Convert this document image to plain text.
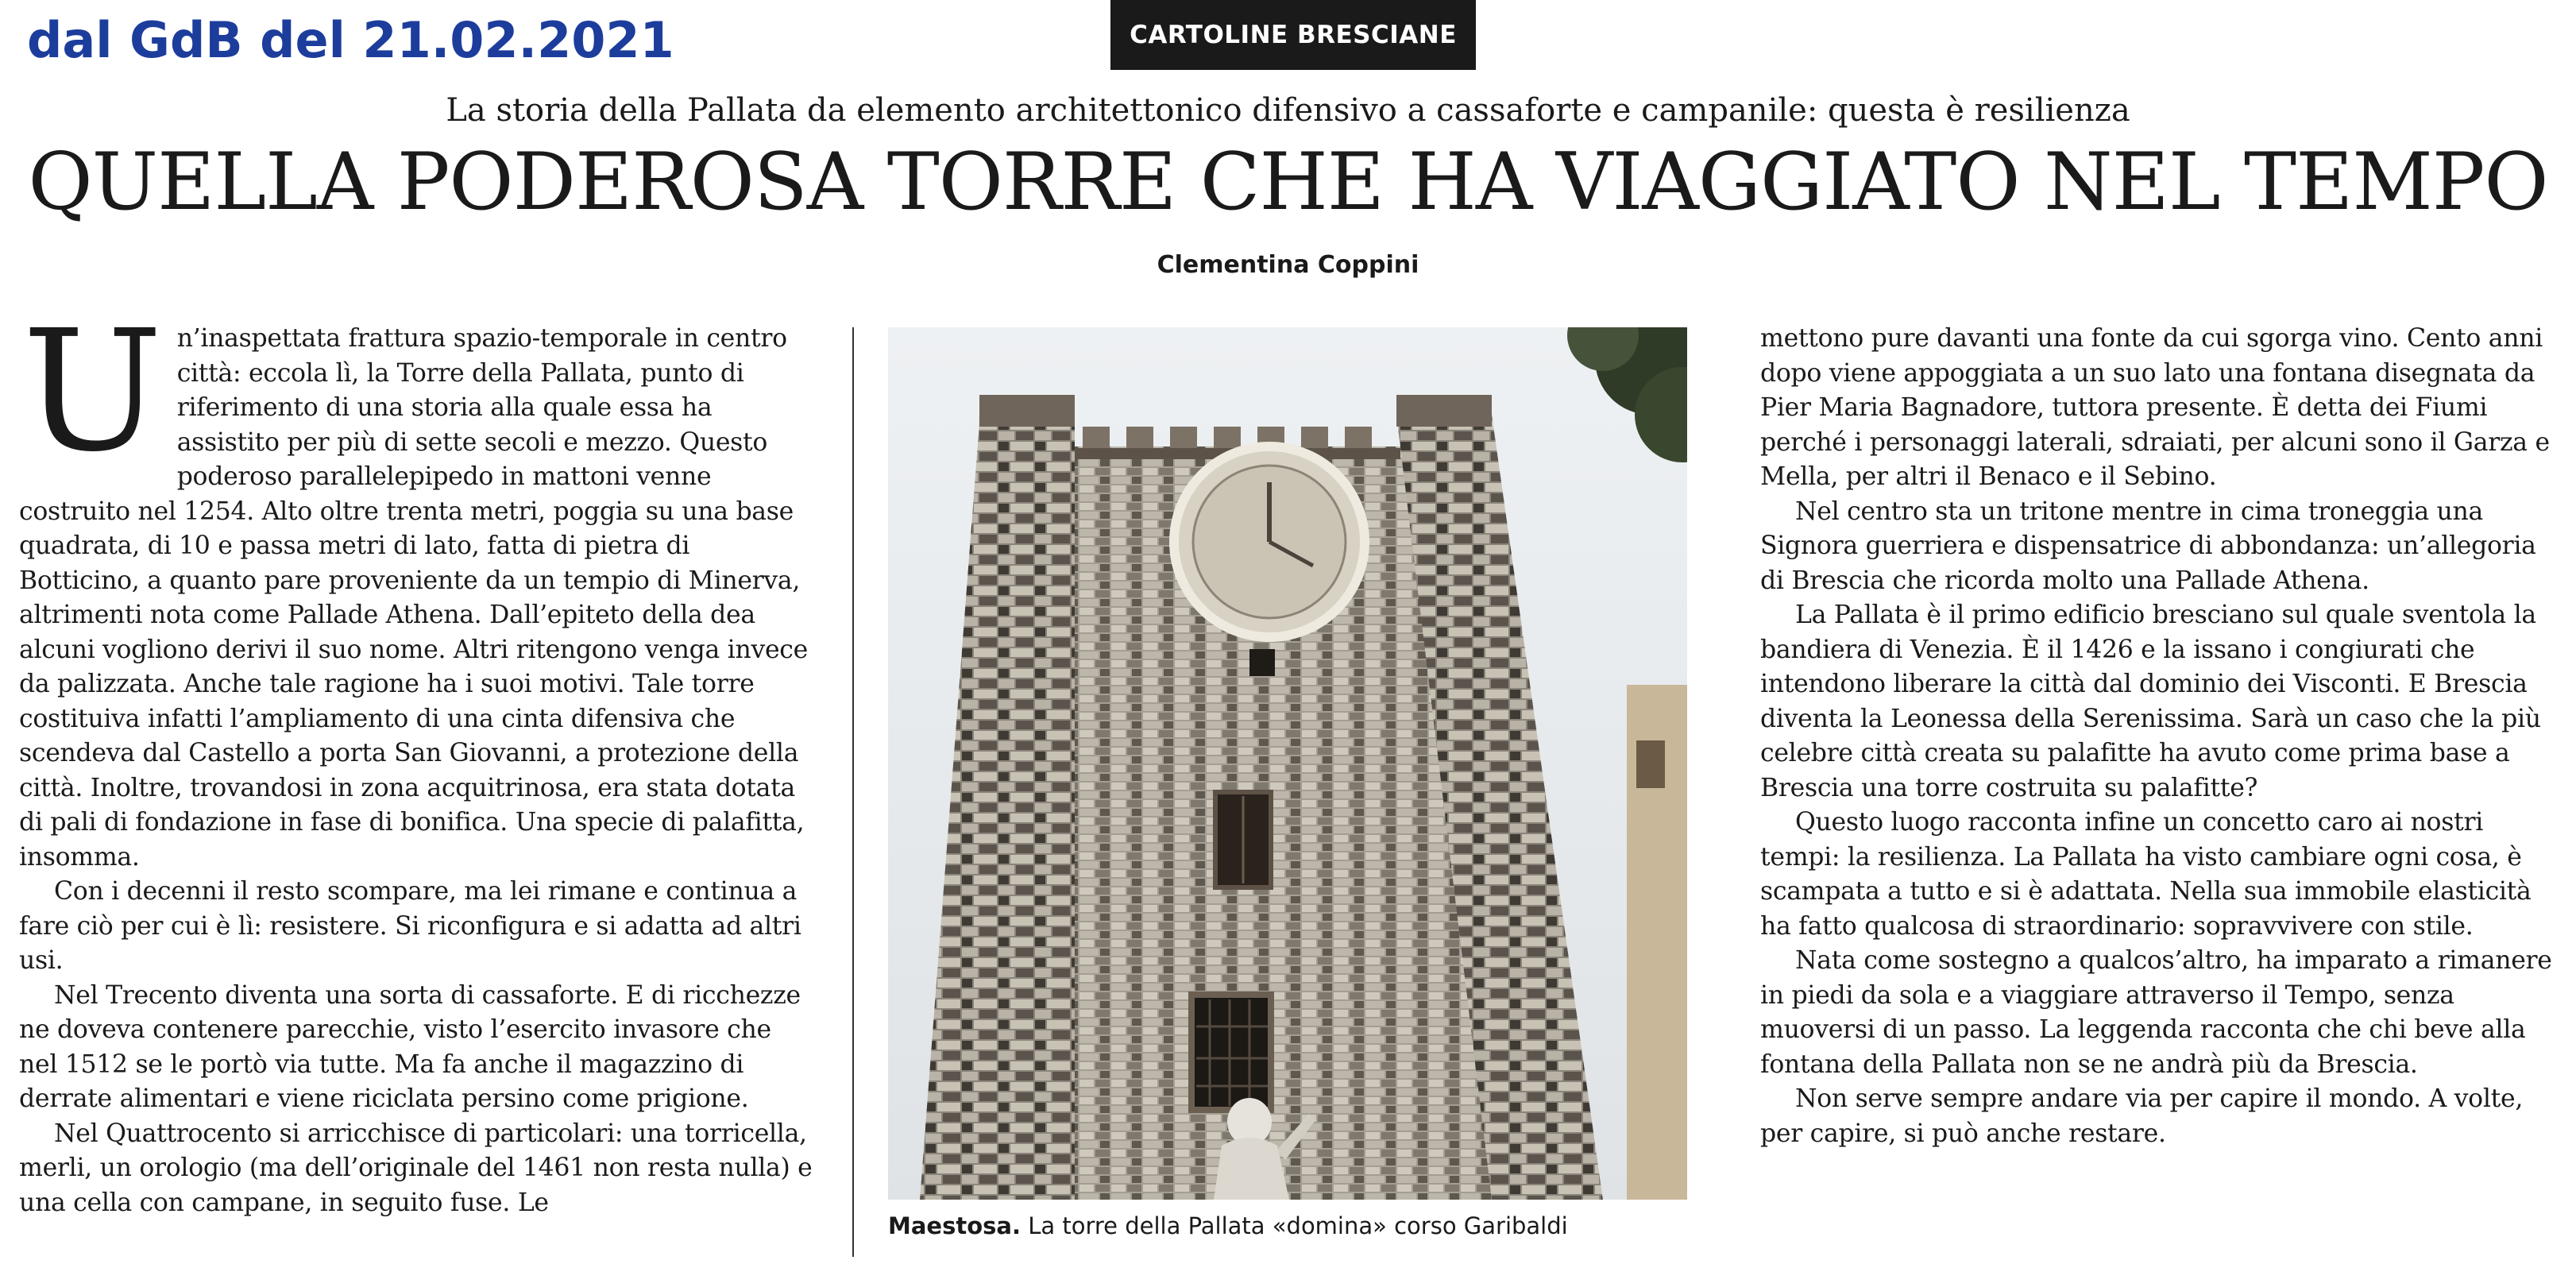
dal GdB del 21.02.2021	CARTOLINE BRESCIANE
La storia della Pallata da elemento architettonico difensivo a cassaforte e campanile: questa è resilienza
QUELLA PODEROSA TORRE CHE HA VIAGGIATO NEL TEMPO
Clementina Coppini
U n’inaspettata frattura spazio-temporale in centro città: eccola lì, la Torre della Pallata, punto di riferimento di una storia alla quale essa ha assistito per più di sette secoli e mezzo. Questo poderoso parallelepipedo in mattoni venne costruito nel 1254. Alto oltre trenta metri, poggia su una base quadrata, di 10 e passa metri di lato, fatta di pietra di Botticino, a quanto pare proveniente da un tempio di Minerva, altrimenti nota come Pallade Athena. Dall’epiteto della dea alcuni vogliono derivi il suo nome. Altri ritengono venga invece da palizzata. Anche tale ragione ha i suoi motivi. Tale torre costituiva infatti l’ampliamento di una cinta difensiva che scendeva dal Castello a porta San Giovanni, a protezione della città. Inoltre, trovandosi in zona acquitrinosa, era stata dotata di pali di fondazione in fase di bonifica. Una specie di palafitta, insomma.

Con i decenni il resto scompare, ma lei rimane e continua a fare ciò per cui è lì: resistere. Si riconfigura e si adatta ad altri usi.

Nel Trecento diventa una sorta di cassaforte. E di ricchezze ne doveva contenere parecchie, visto l’esercito invasore che nel 1512 se le portò via tutte. Ma fa anche il magazzino di derrate alimentari e viene riciclata persino come prigione.

Nel Quattrocento si arricchisce di particolari: una torricella, merli, un orologio (ma dell’originale del 1461 non resta nulla) e una cella con campane, in seguito fuse. Le

Maestosa. La torre della Pallata «domina» corso Garibaldi

mettono pure davanti una fonte da cui sgorga vino. Cento anni dopo viene appoggiata a un suo lato una fontana disegnata da Pier Maria Bagnadore, tuttora presente. È detta dei Fiumi perché i personaggi laterali, sdraiati, per alcuni sono il Garza e Mella, per altri il Benaco e il Sebino.

Nel centro sta un tritone mentre in cima troneggia una Signora guerriera e dispensatrice di abbondanza: un’allegoria di Brescia che ricorda molto una Pallade Athena.

La Pallata è il primo edificio bresciano sul quale sventola la bandiera di Venezia. È il 1426 e la issano i congiurati che intendono liberare la città dal dominio dei Visconti. E Brescia diventa la Leonessa della Serenissima. Sarà un caso che la più celebre città creata su palafitte ha avuto come prima base a Brescia una torre costruita su palafitte?

Questo luogo racconta infine un concetto caro ai nostri tempi: la resilienza. La Pallata ha visto cambiare ogni cosa, è scampata a tutto e si è adattata. Nella sua immobile elasticità ha fatto qualcosa di straordinario: sopravvivere con stile.

Nata come sostegno a qualcos’altro, ha imparato a rimanere in piedi da sola e a viaggiare attraverso il Tempo, senza muoversi di un passo. La leggenda racconta che chi beve alla fontana della Pallata non se ne andrà più da Brescia.

Non serve sempre andare via per capire il mondo. A volte, per capire, si può anche restare.
